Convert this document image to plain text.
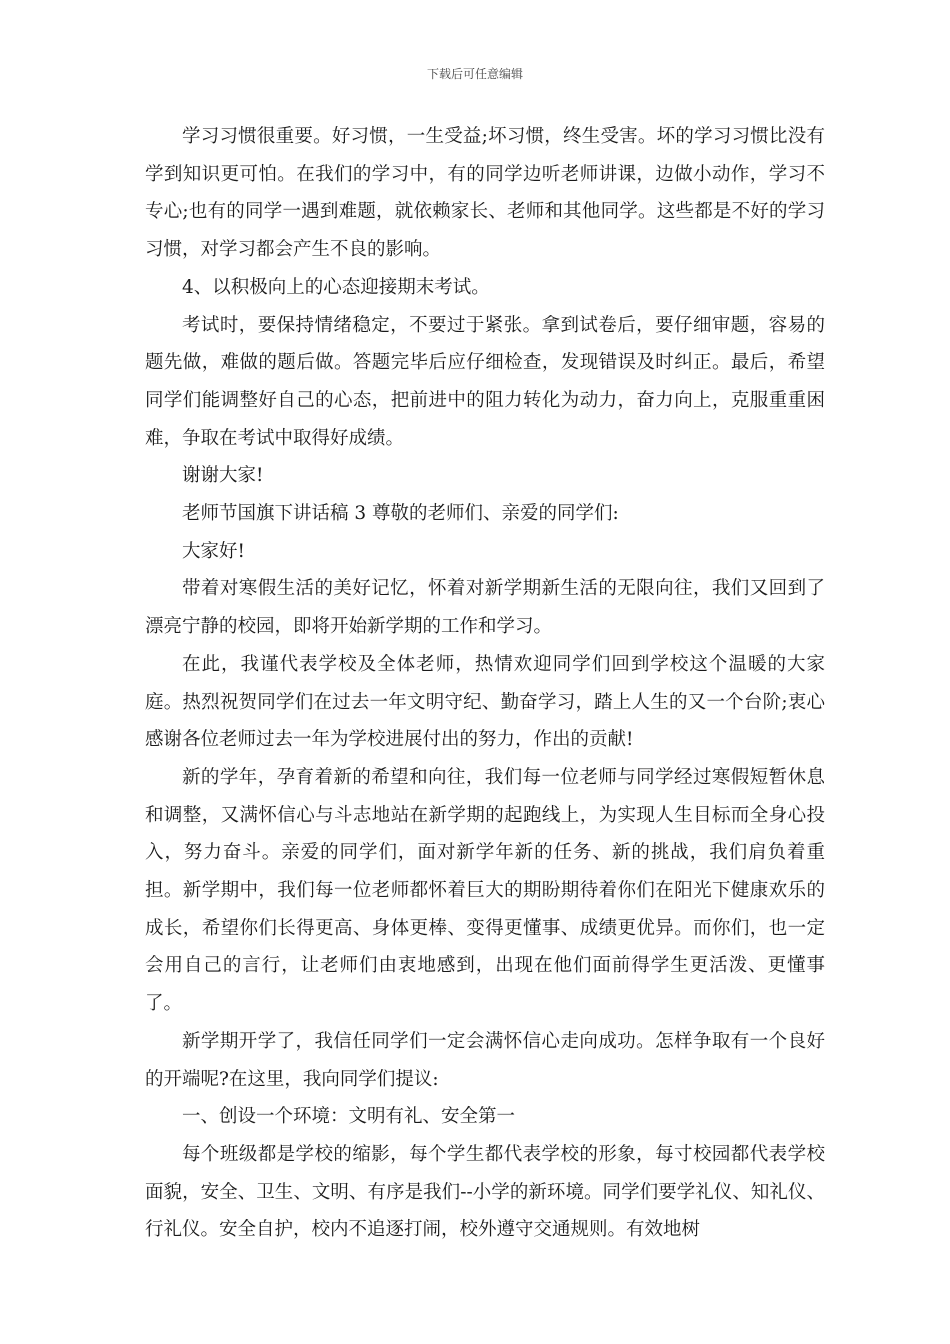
下载后可任意编辑

学习习惯很重要。好习惯，一生受益;坏习惯，终生受害。坏的学习习惯比没有学到知识更可怕。在我们的学习中，有的同学边听老师讲课，边做小动作，学习不专心;也有的同学一遇到难题，就依赖家长、老师和其他同学。这些都是不好的学习习惯，对学习都会产生不良的影响。

4、以积极向上的心态迎接期末考试。

考试时，要保持情绪稳定，不要过于紧张。拿到试卷后，要仔细审题，容易的题先做，难做的题后做。答题完毕后应仔细检查，发现错误及时纠正。最后，希望同学们能调整好自己的心态，把前进中的阻力转化为动力，奋力向上，克服重重困难，争取在考试中取得好成绩。

谢谢大家!

老师节国旗下讲话稿 3 尊敬的老师们、亲爱的同学们:

大家好!

带着对寒假生活的美好记忆，怀着对新学期新生活的无限向往，我们又回到了漂亮宁静的校园，即将开始新学期的工作和学习。

在此，我谨代表学校及全体老师，热情欢迎同学们回到学校这个温暖的大家庭。热烈祝贺同学们在过去一年文明守纪、勤奋学习，踏上人生的又一个台阶;衷心感谢各位老师过去一年为学校进展付出的努力，作出的贡献!

新的学年，孕育着新的希望和向往，我们每一位老师与同学经过寒假短暂休息和调整，又满怀信心与斗志地站在新学期的起跑线上，为实现人生目标而全身心投入，努力奋斗。亲爱的同学们，面对新学年新的任务、新的挑战，我们肩负着重担。新学期中，我们每一位老师都怀着巨大的期盼期待着你们在阳光下健康欢乐的成长，希望你们长得更高、身体更棒、变得更懂事、成绩更优异。而你们，也一定会用自己的言行，让老师们由衷地感到，出现在他们面前得学生更活泼、更懂事了。

新学期开学了，我信任同学们一定会满怀信心走向成功。怎样争取有一个良好的开端呢?在这里，我向同学们提议:

一、创设一个环境：文明有礼、安全第一

每个班级都是学校的缩影，每个学生都代表学校的形象，每寸校园都代表学校面貌，安全、卫生、文明、有序是我们--小学的新环境。同学们要学礼仪、知礼仪、行礼仪。安全自护，校内不追逐打闹，校外遵守交通规则。有效地树
